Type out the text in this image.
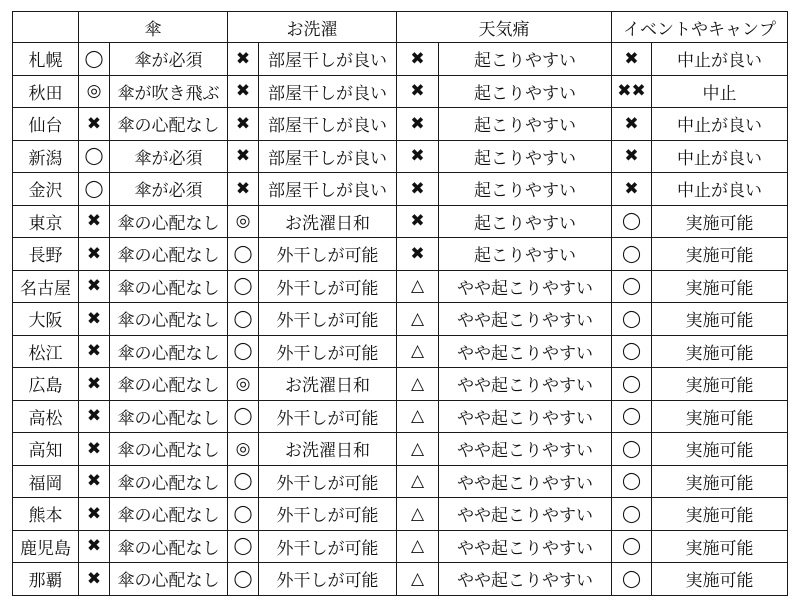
	傘		お洗濯		天気痛		イベントやキャンプ	
札幌	◯	傘が必須	✖	部屋干しが良い	✖	起こりやすい	✖	中止が良い
秋田	◎	傘が吹き飛ぶ	✖	部屋干しが良い	✖	起こりやすい	✖✖	中止
仙台	✖	傘の心配なし	✖	部屋干しが良い	✖	起こりやすい	✖	中止が良い
新潟	◯	傘が必須	✖	部屋干しが良い	✖	起こりやすい	✖	中止が良い
金沢	◯	傘が必須	✖	部屋干しが良い	✖	起こりやすい	✖	中止が良い
東京	✖	傘の心配なし	◎	お洗濯日和	✖	起こりやすい	◯	実施可能
長野	✖	傘の心配なし	◯	外干しが可能	✖	起こりやすい	◯	実施可能
名古屋	✖	傘の心配なし	◯	外干しが可能	△	やや起こりやすい	◯	実施可能
大阪	✖	傘の心配なし	◯	外干しが可能	△	やや起こりやすい	◯	実施可能
松江	✖	傘の心配なし	◯	外干しが可能	△	やや起こりやすい	◯	実施可能
広島	✖	傘の心配なし	◎	お洗濯日和	△	やや起こりやすい	◯	実施可能
高松	✖	傘の心配なし	◯	外干しが可能	△	やや起こりやすい	◯	実施可能
高知	✖	傘の心配なし	◎	お洗濯日和	△	やや起こりやすい	◯	実施可能
福岡	✖	傘の心配なし	◯	外干しが可能	△	やや起こりやすい	◯	実施可能
熊本	✖	傘の心配なし	◯	外干しが可能	△	やや起こりやすい	◯	実施可能
鹿児島	✖	傘の心配なし	◯	外干しが可能	△	やや起こりやすい	◯	実施可能
那覇	✖	傘の心配なし	◯	外干しが可能	△	やや起こりやすい	◯	実施可能
